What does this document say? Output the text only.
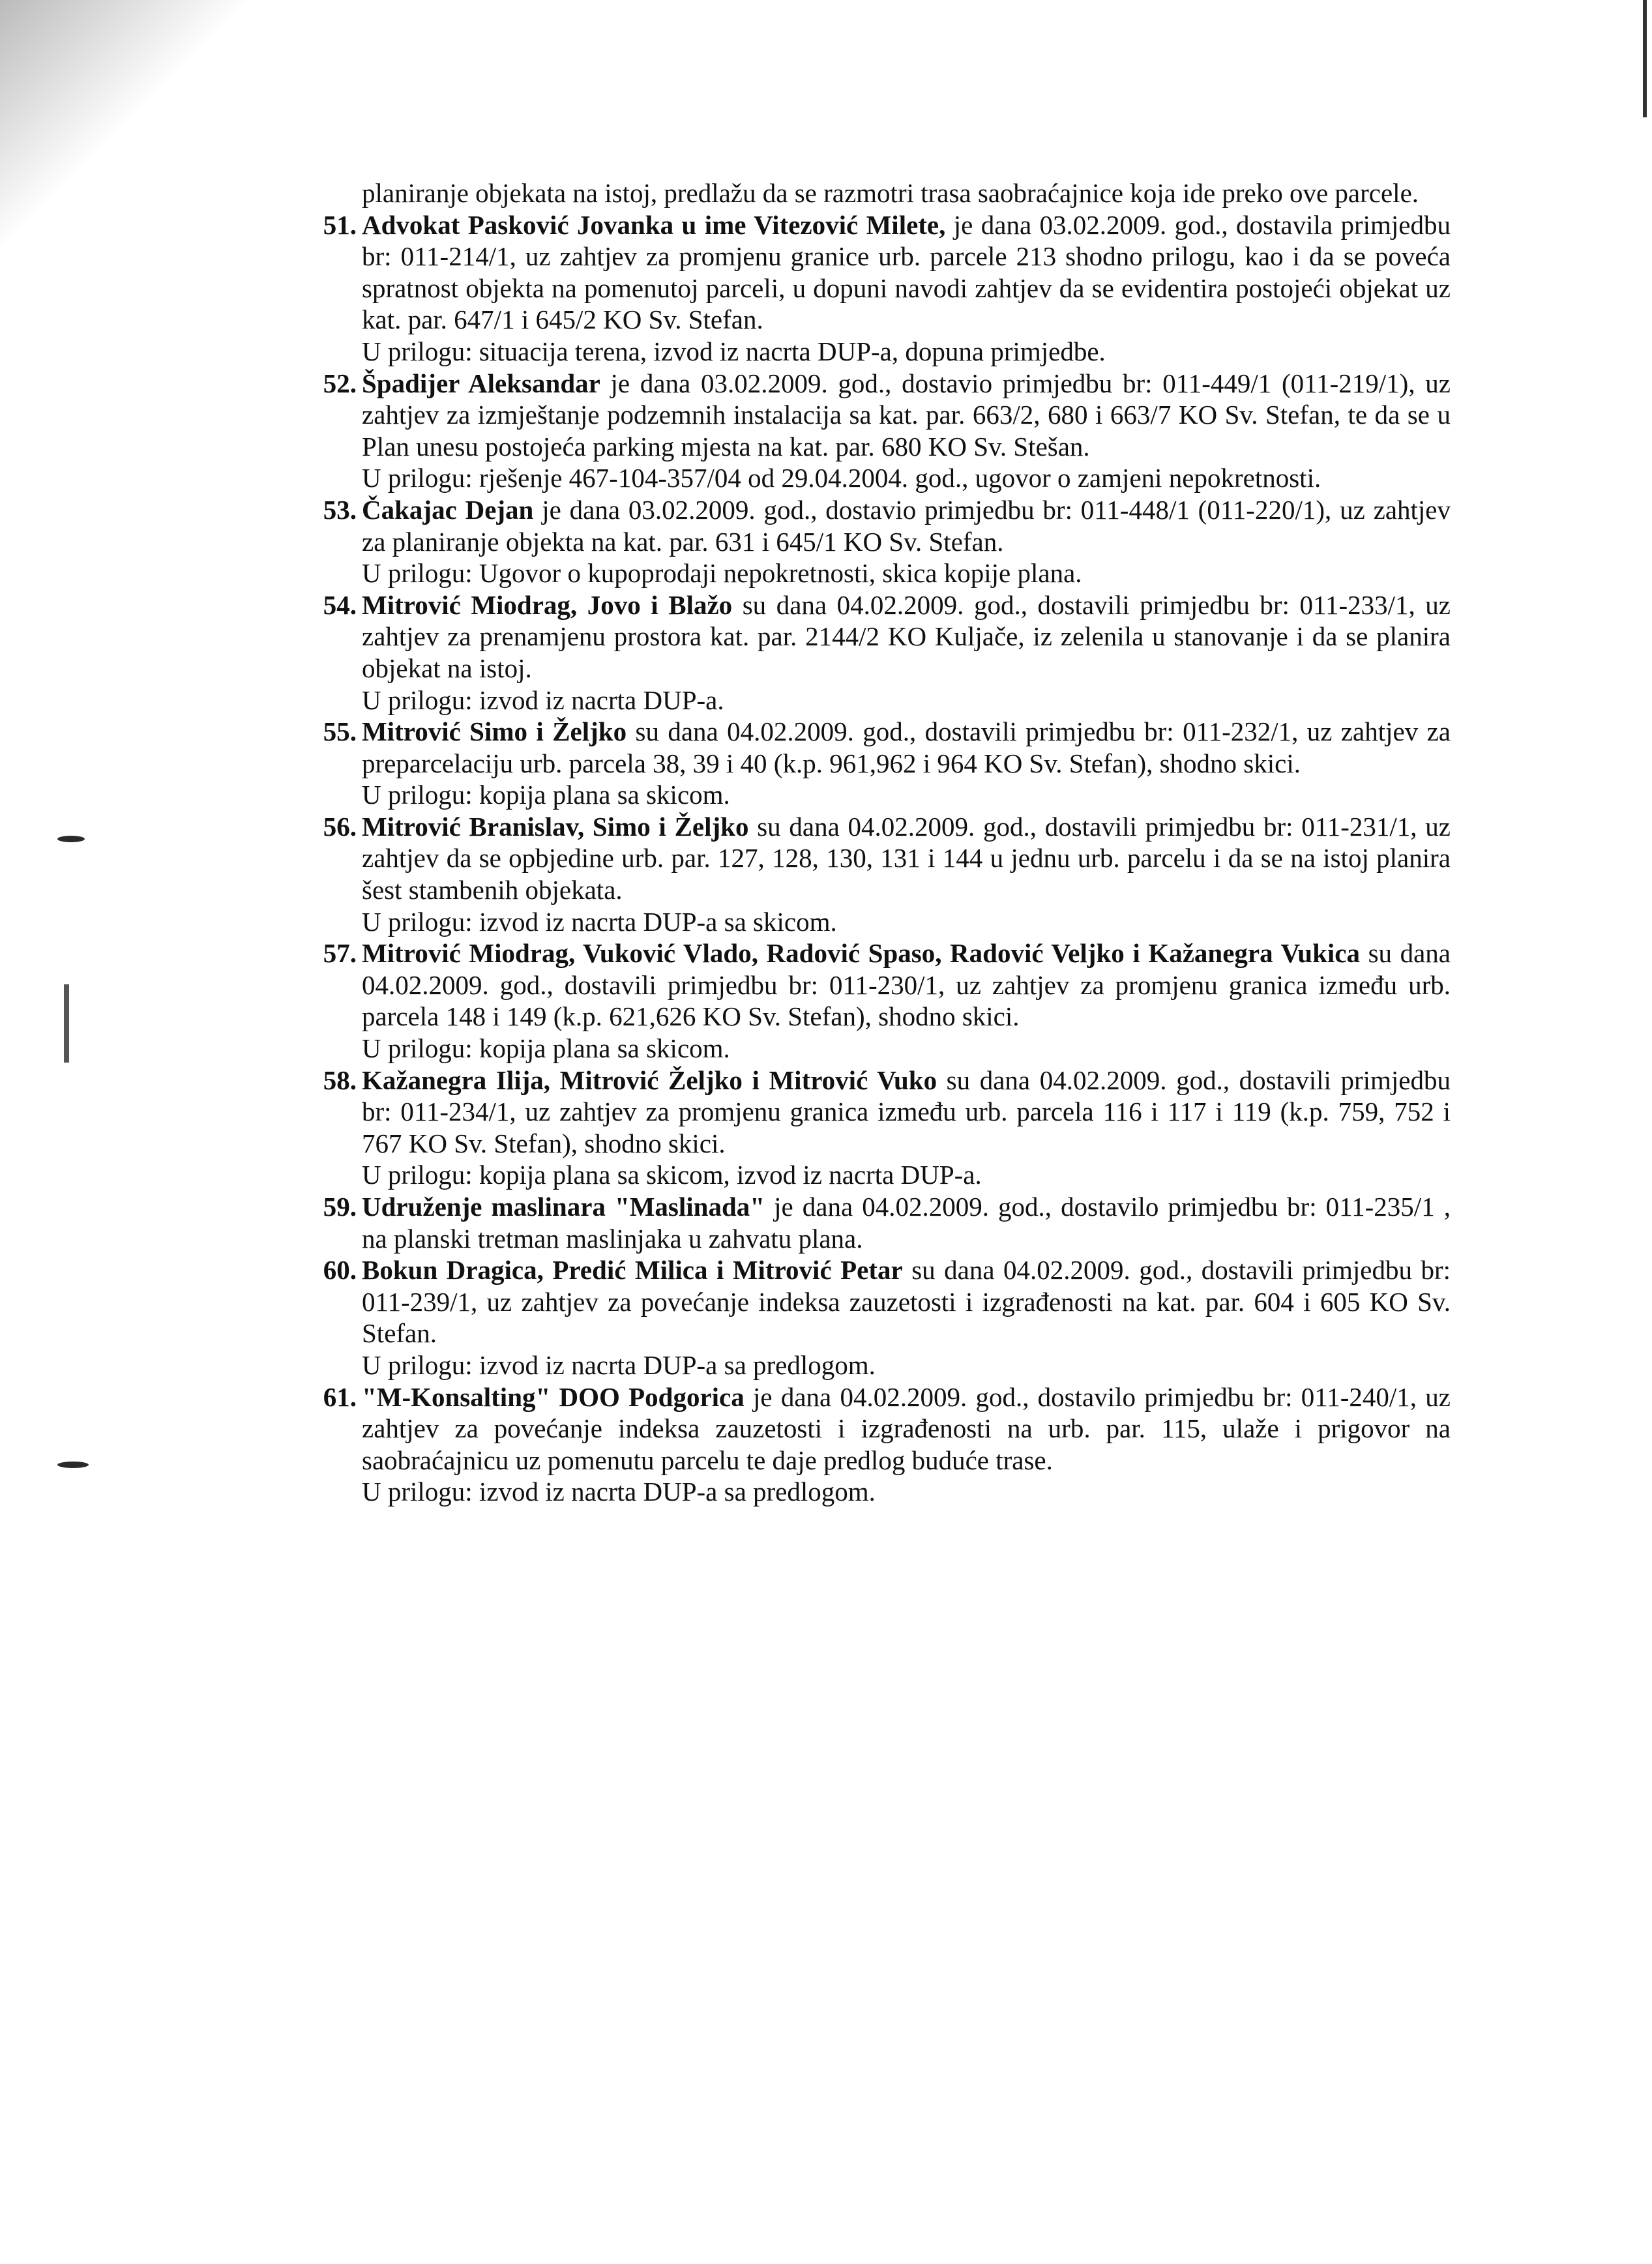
planiranje objekata na istoj, predlažu da se razmotri trasa saobraćajnice koja ide preko ove parcele.
51. Advokat Pasković Jovanka u ime Vitezović Milete, je dana 03.02.2009. god., dostavila primjedbu br: 011-214/1, uz zahtjev za promjenu granice urb. parcele 213 shodno prilogu, kao i da se poveća spratnost objekta na pomenutoj parceli, u dopuni navodi zahtjev da se evidentira postojeći objekat uz kat. par. 647/1 i 645/2 KO Sv. Stefan.
U prilogu: situacija terena, izvod iz nacrta DUP-a, dopuna primjedbe.
52. Špadijer Aleksandar je dana 03.02.2009. god., dostavio primjedbu br: 011-449/1 (011-219/1), uz zahtjev za izmještanje podzemnih instalacija sa kat. par. 663/2, 680 i 663/7 KO Sv. Stefan, te da se u Plan unesu postojeća parking mjesta na kat. par. 680 KO Sv. Stešan.
U prilogu: rješenje 467-104-357/04 od 29.04.2004. god., ugovor o zamjeni nepokretnosti.
53. Čakajac Dejan je dana 03.02.2009. god., dostavio primjedbu br: 011-448/1 (011-220/1), uz zahtjev za planiranje objekta na kat. par. 631 i 645/1 KO Sv. Stefan.
U prilogu: Ugovor o kupoprodaji nepokretnosti, skica kopije plana.
54. Mitrović Miodrag, Jovo i Blažo su dana 04.02.2009. god., dostavili primjedbu br: 011-233/1, uz zahtjev za prenamjenu prostora kat. par. 2144/2 KO Kuljače, iz zelenila u stanovanje i da se planira objekat na istoj.
U prilogu: izvod iz nacrta DUP-a.
55. Mitrović Simo i Željko su dana 04.02.2009. god., dostavili primjedbu br: 011-232/1, uz zahtjev za preparcelaciju urb. parcela 38, 39 i 40 (k.p. 961,962 i 964 KO Sv. Stefan), shodno skici.
U prilogu: kopija plana sa skicom.
56. Mitrović Branislav, Simo i Željko su dana 04.02.2009. god., dostavili primjedbu br: 011-231/1, uz zahtjev da se opbjedine urb. par. 127, 128, 130, 131 i 144 u jednu urb. parcelu i da se na istoj planira šest stambenih objekata.
U prilogu: izvod iz nacrta DUP-a sa skicom.
57. Mitrović Miodrag, Vuković Vlado, Radović Spaso, Radović Veljko i Kažanegra Vukica su dana 04.02.2009. god., dostavili primjedbu br: 011-230/1, uz zahtjev za promjenu granica između urb. parcela 148 i 149 (k.p. 621,626 KO Sv. Stefan), shodno skici.
U prilogu: kopija plana sa skicom.
58. Kažanegra Ilija, Mitrović Željko i Mitrović Vuko su dana 04.02.2009. god., dostavili primjedbu br: 011-234/1, uz zahtjev za promjenu granica između urb. parcela 116 i 117 i 119 (k.p. 759, 752 i 767 KO Sv. Stefan), shodno skici.
U prilogu: kopija plana sa skicom, izvod iz nacrta DUP-a.
59. Udruženje maslinara "Maslinada" je dana 04.02.2009. god., dostavilo primjedbu br: 011-235/1 , na planski tretman maslinjaka u zahvatu plana.
60. Bokun Dragica, Predić Milica i Mitrović Petar su dana 04.02.2009. god., dostavili primjedbu br: 011-239/1, uz zahtjev za povećanje indeksa zauzetosti i izgrađenosti na kat. par. 604 i 605 KO Sv. Stefan.
U prilogu: izvod iz nacrta DUP-a sa predlogom.
61. "M-Konsalting" DOO Podgorica je dana 04.02.2009. god., dostavilo primjedbu br: 011-240/1, uz zahtjev za povećanje indeksa zauzetosti i izgrađenosti na urb. par. 115, ulaže i prigovor na saobraćajnicu uz pomenutu parcelu te daje predlog buduće trase.
U prilogu: izvod iz nacrta DUP-a sa predlogom.
